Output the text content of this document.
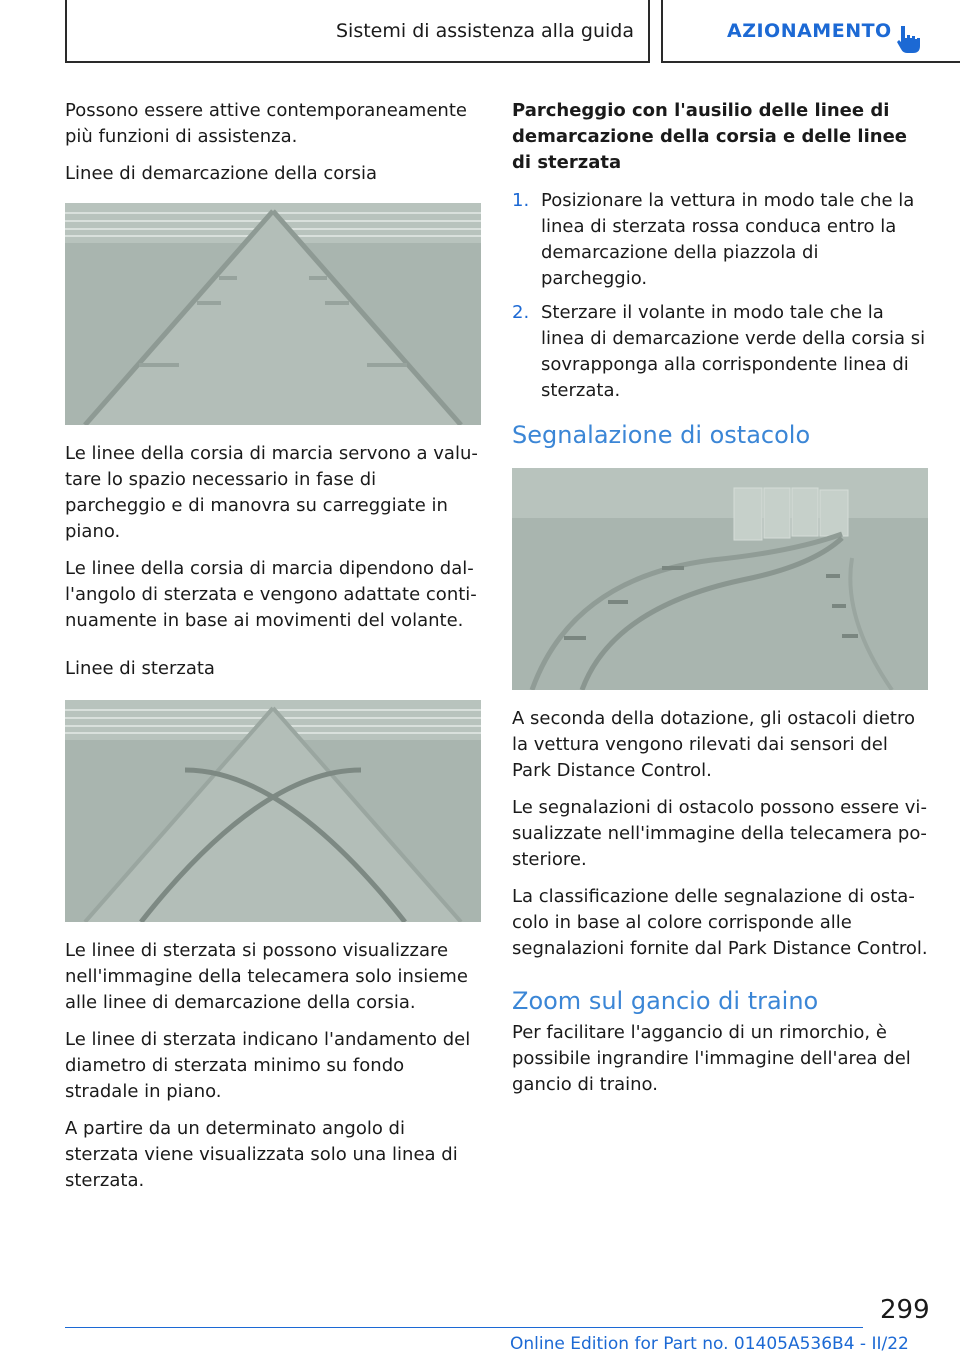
Sistemi di assistenza alla guida	AZIONAMENTO

Possono essere attive contemporaneamente più funzioni di assistenza.

Linee di demarcazione della corsia

Le linee della corsia di marcia servono a valutare lo spazio necessario in fase di parcheggio e di manovra su carreggiate in piano.

Le linee della corsia di marcia dipendono dall'angolo di sterzata e vengono adattate continuamente in base ai movimenti del volante.

Linee di sterzata

Le linee di sterzata si possono visualizzare nell'immagine della telecamera solo insieme alle linee di demarcazione della corsia.

Le linee di sterzata indicano l'andamento del diametro di sterzata minimo su fondo stradale in piano.

A partire da un determinato angolo di sterzata viene visualizzata solo una linea di sterzata.

Parcheggio con l'ausilio delle linee di demarcazione della corsia e delle linee di sterzata
1. Posizionare la vettura in modo tale che la linea di sterzata rossa conduca entro la demarcazione della piazzola di parcheggio.
2. Sterzare il volante in modo tale che la linea di demarcazione verde della corsia si sovrapponga alla corrispondente linea di sterzata.
Segnalazione di ostacolo

A seconda della dotazione, gli ostacoli dietro la vettura vengono rilevati dai sensori del Park Distance Control.

Le segnalazioni di ostacolo possono essere visualizzate nell'immagine della telecamera posteriore.

La classificazione delle segnalazione di ostacolo in base al colore corrisponde alle segnalazioni fornite dal Park Distance Control.

Zoom sul gancio di traino

Per facilitare l'aggancio di un rimorchio, è possibile ingrandire l'immagine dell'area del gancio di traino.

299
Online Edition for Part no. 01405A536B4 - II/22
